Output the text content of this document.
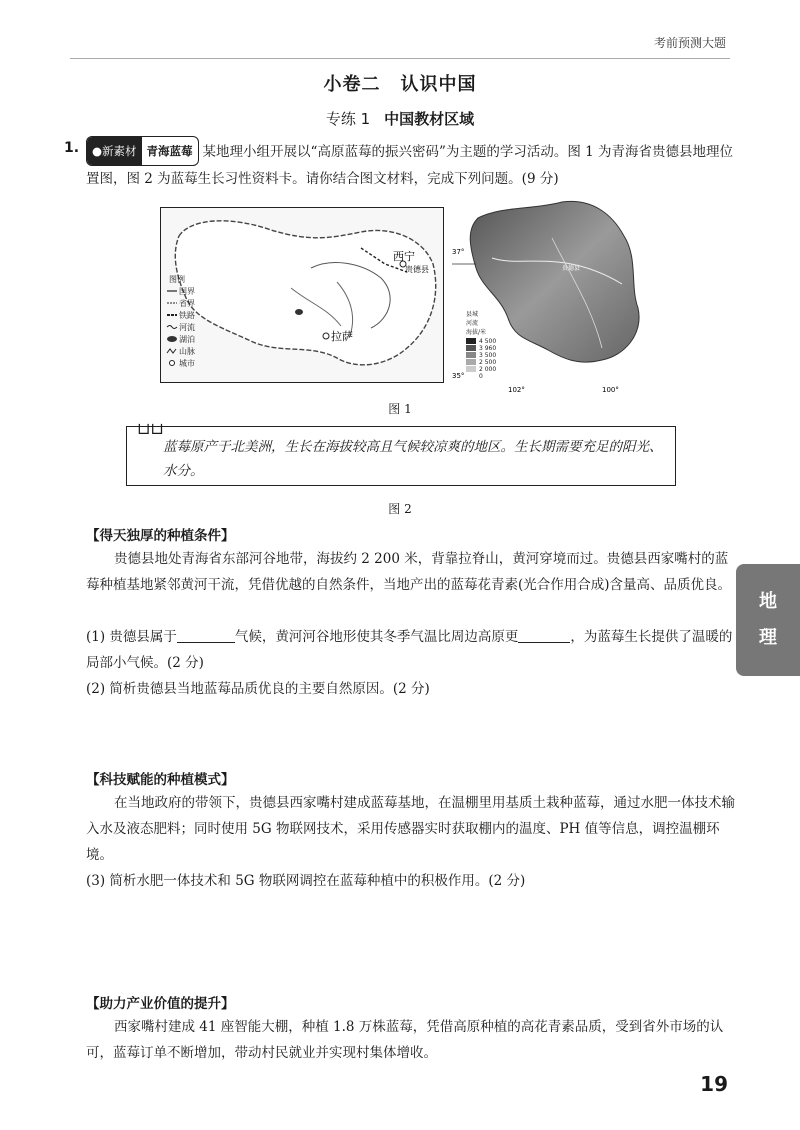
考前预测大题
小卷二 认识中国
专练 1 中国教材区域
1.	●新素材 青海蓝莓 某地理小组开展以“高原蓝莓的振兴密码”为主题的学习活动。图 1 为青海省贵德县地理位置图，图 2 为蓝莓生长习性资料卡。请你结合图文材料，完成下列问题。(9 分)
西宁
贵德县
拉萨
图例
国界
省界
铁路
河流
湖泊
山脉
城市
37°
35°
102°	100°
贵德县
县城
河流
海拔/米
4 500
3 960
3 500
2 500
2 000
0
图 1
⊔⊔
蓝莓原产于北美洲，生长在海拔较高且气候较凉爽的地区。生长期需要充足的阳光、水分。
图 2
【得天独厚的种植条件】
贵德县地处青海省东部河谷地带，海拔约 2 200 米，背靠拉脊山，黄河穿境而过。贵德县西家嘴村的蓝莓种植基地紧邻黄河干流，凭借优越的自然条件，当地产出的蓝莓花青素(光合作用合成)含量高、品质优良。
(1) 贵德县属于	气候，黄河河谷地形使其冬季气温比周边高原更	，为蓝莓生长提供了温暖的局部小气候。(2 分)
(2) 简析贵德县当地蓝莓品质优良的主要自然原因。(2 分)
【科技赋能的种植模式】
在当地政府的带领下，贵德县西家嘴村建成蓝莓基地，在温棚里用基质土栽种蓝莓，通过水肥一体技术输入水及液态肥料；同时使用 5G 物联网技术，采用传感器实时获取棚内的温度、PH 值等信息，调控温棚环境。
(3) 简析水肥一体技术和 5G 物联网调控在蓝莓种植中的积极作用。(2 分)
【助力产业价值的提升】
西家嘴村建成 41 座智能大棚，种植 1.8 万株蓝莓，凭借高原种植的高花青素品质，受到省外市场的认可，蓝莓订单不断增加，带动村民就业并实现村集体增收。
地
理
19
